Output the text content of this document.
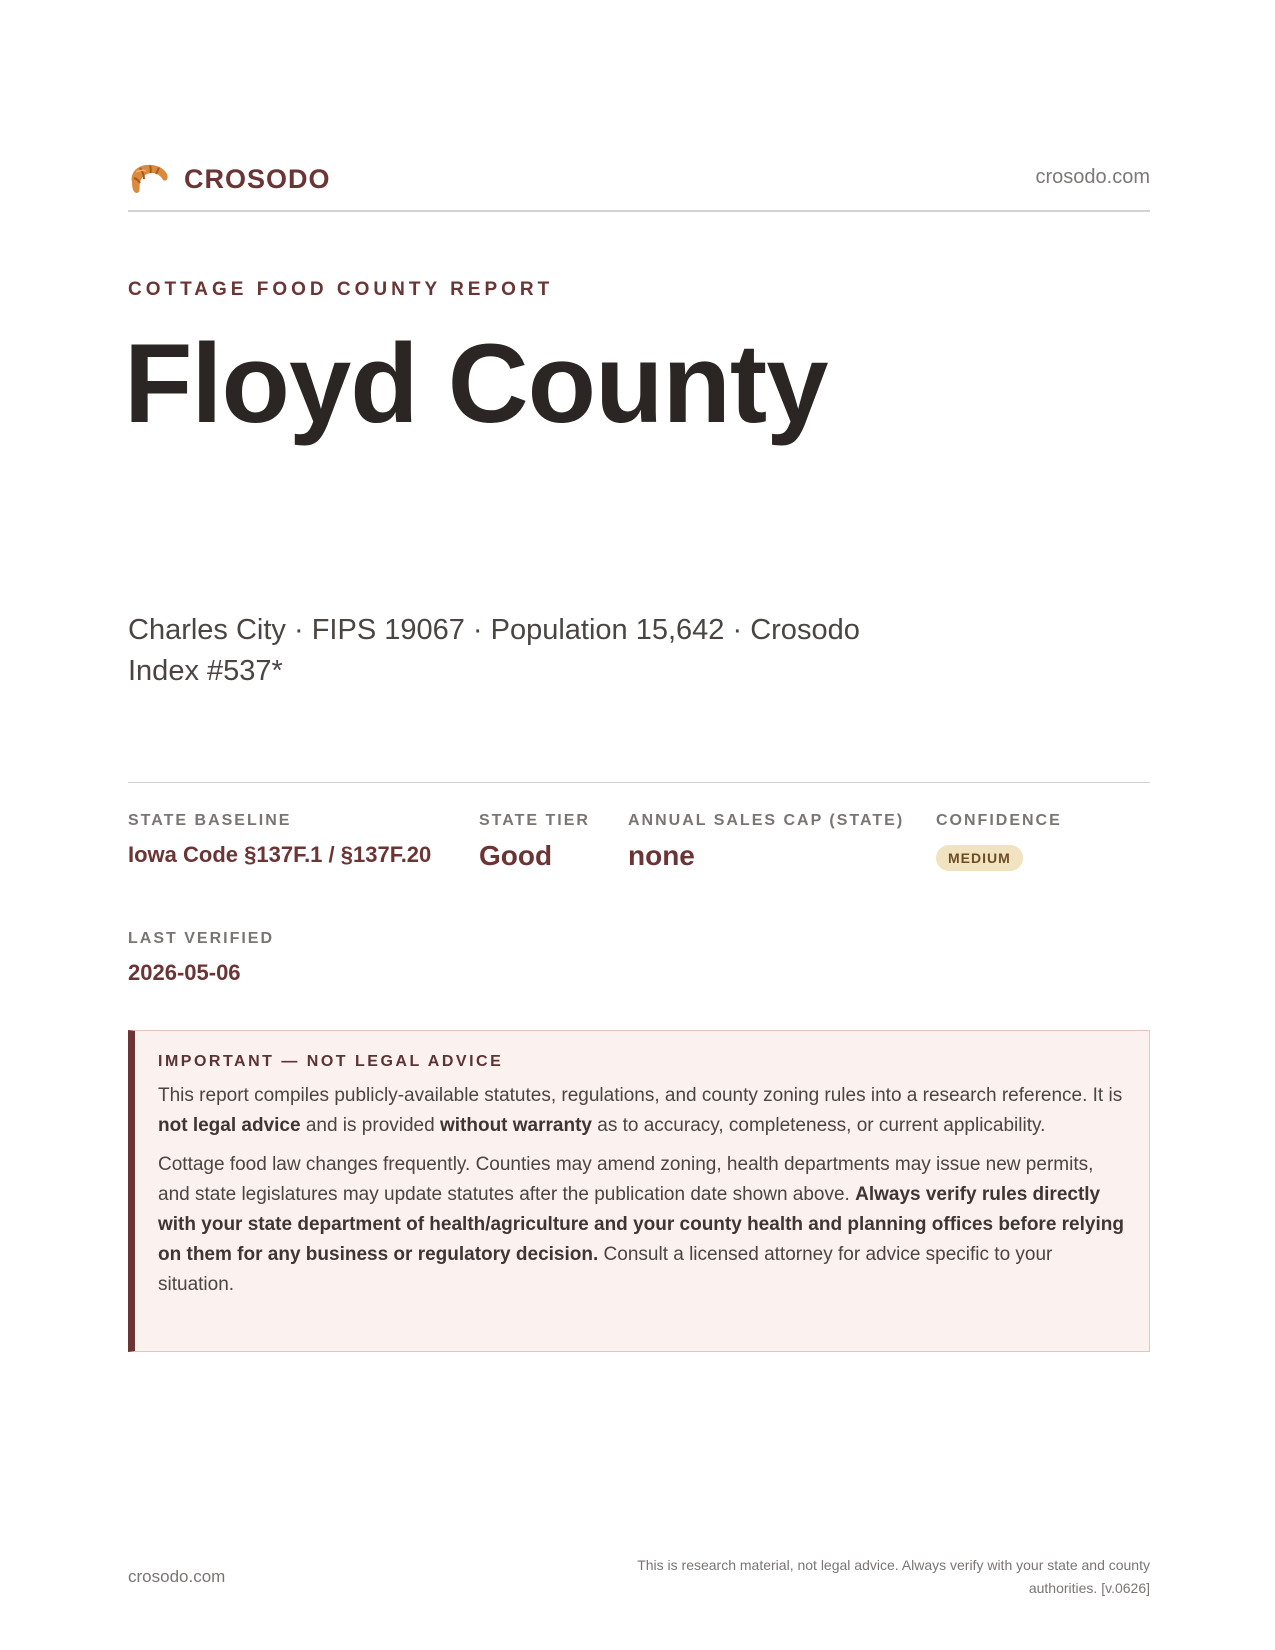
CROSODO	crosodo.com
COTTAGE FOOD COUNTY REPORT
Floyd County
Charles City · FIPS 19067 · Population 15,642 · Crosodo Index #537*
STATE BASELINE
Iowa Code §137F.1 / §137F.20
STATE TIER
Good
ANNUAL SALES CAP (STATE)
none
CONFIDENCE
MEDIUM
LAST VERIFIED
2026-05-06
IMPORTANT — NOT LEGAL ADVICE

This report compiles publicly-available statutes, regulations, and county zoning rules into a research reference. It is not legal advice and is provided without warranty as to accuracy, completeness, or current applicability.

Cottage food law changes frequently. Counties may amend zoning, health departments may issue new permits, and state legislatures may update statutes after the publication date shown above. Always verify rules directly with your state department of health/agriculture and your county health and planning offices before relying on them for any business or regulatory decision. Consult a licensed attorney for advice specific to your situation.

crosodo.com
This is research material, not legal advice. Always verify with your state and county authorities. [v.0626]
